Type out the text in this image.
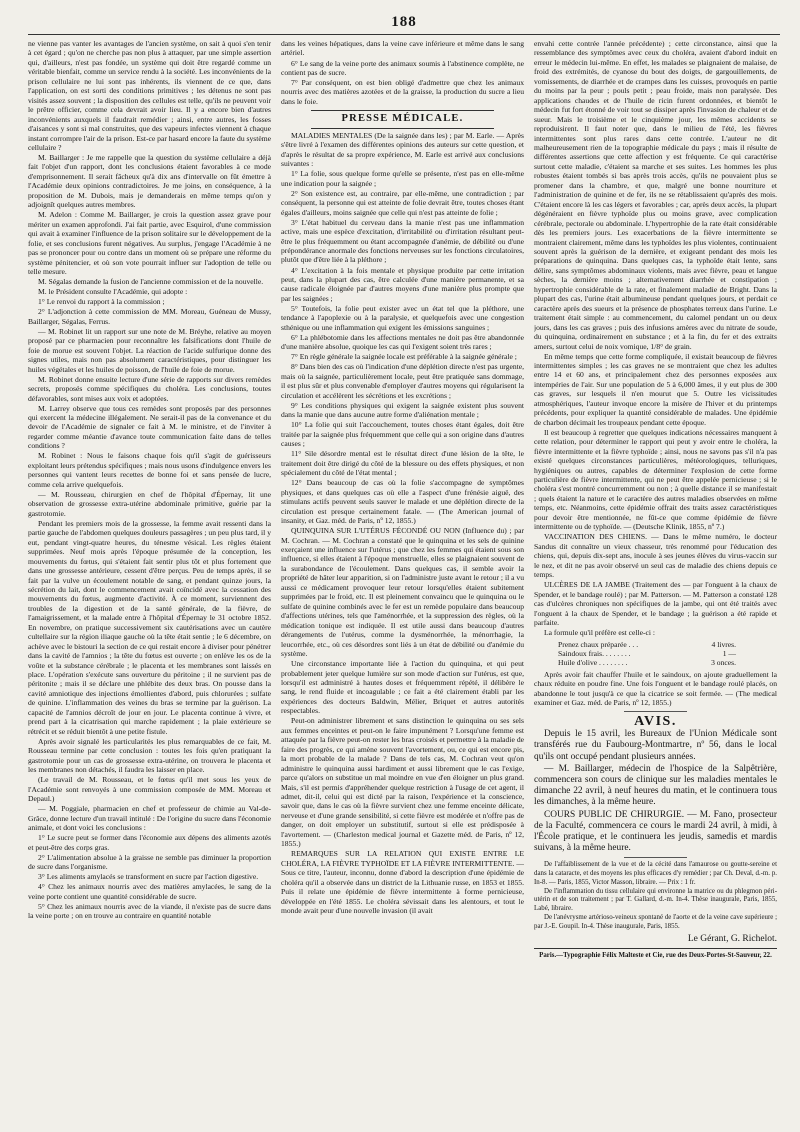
188

ne vienne pas vanter les avantages de l'ancien système, on sait à quoi s'en tenir à cet égard ; qu'on ne cherche pas non plus à attaquer, par une simple assertion qui, d'ailleurs, n'est pas fondée, un système qui doit être regardé comme un véritable bienfait, comme un service rendu à la société. Les inconvénients de la prison cellulaire ne lui sont pas inhérents, ils viennent de ce que, dans l'application, on est sorti des conditions primitives ; les détenus ne sont pas visités assez souvent ; la disposition des cellules est telle, qu'ils ne peuvent voir le prêtre officier, comme cela devrait avoir lieu. Il y a encore bien d'autres inconvénients auxquels il faudrait remédier ; ainsi, entre autres, les fosses d'aisances y sont si mal construites, que des vapeurs infectes viennent à chaque instant corrompre l'air de la prison. Est-ce par hasard encore la faute du système cellulaire ?

M. Baillarger : Je me rappelle que la question du système cellulaire a déjà fait l'objet d'un rapport, dont les conclusions étaient favorables à ce mode d'emprisonnement. Il serait fâcheux qu'à dix ans d'intervalle on fût émettre à l'Académie deux opinions contradictoires. Je me joins, en conséquence, à la proposition de M. Dubois, mais je demanderais en même temps qu'on y adjoignît quelques autres membres.

M. Adelon : Comme M. Baillarger, je crois la question assez grave pour mériter un examen approfondi. J'ai fait partie, avec Esquirol, d'une commission qui avait à examiner l'influence de la prison solitaire sur le développement de la folie, et ses conclusions furent négatives. Au surplus, j'engage l'Académie à ne pas se prononcer pour ou contre dans un moment où se prépare une réforme du système pénitencier, et où son vote pourrait influer sur l'adoption de telle ou telle mesure.

M. Ségalas demande la fusion de l'ancienne commission et de la nouvelle.

M. le Président consulte l'Académie, qui adopte :

1° Le renvoi du rapport à la commission ;

2° L'adjonction à cette commission de MM. Moreau, Guéneau de Mussy, Baillarger, Ségalas, Ferrus.

— M. Robinet lit un rapport sur une note de M. Bréyhe, relative au moyen proposé par ce pharmacien pour reconnaître les falsifications dont l'huile de foie de morue est souvent l'objet. La réaction de l'acide sulfurique donne des signes utiles, mais non pas absolument caractéristiques, pour distinguer les huiles végétales et les huiles de poisson, de l'huile de foie de morue.

M. Robinet donne ensuite lecture d'une série de rapports sur divers remèdes secrets, proposés comme spécifiques du choléra. Les conclusions, toutes défavorables, sont mises aux voix et adoptées.

M. Larrey observe que tous ces remèdes sont proposés par des personnes qui exercent la médecine illégalement. Ne serait-il pas de la convenance et du devoir de l'Académie de signaler ce fait à M. le ministre, et de l'inviter à regarder comme méantie d'avance toute communication faite dans de telles conditions ?

M. Robinet : Nous le faisons chaque fois qu'il s'agit de guérisseurs exploitant leurs prétendus spécifiques ; mais nous usons d'indulgence envers les personnes qui vantent leurs recettes de bonne foi et sans pensée de lucre, comme cela arrive quelquefois.

— M. Rousseau, chirurgien en chef de l'hôpital d'Épernay, lit une observation de grossesse extra-utérine abdominale primitive, guérie par la gastrotomie.

Pendant les premiers mois de la grossesse, la femme avait ressenti dans la partie gauche de l'abdomen quelques douleurs passagères ; un peu plus tard, il y eut, pendant vingt-quatre heures, du ténesme vésical. Les règles étaient supprimées. Neuf mois après l'époque présumée de la conception, les mouvements du fœtus, qui s'étaient fait sentir plus tôt et plus fortement que dans une grossesse antérieure, cessent d'être perçus. Peu de temps après, il se fait par la vulve un écoulement notable de sang, et pendant quinze jours, la sécrétion du lait, dont le commencement avait coïncidé avec la cessation des mouvements du fœtus, augmente d'activité. À ce moment, surviennent des troubles de la digestion et de la santé générale, de la fièvre, de l'amaigrissement, et la malade entre à l'hôpital d'Épernay le 31 octobre 1852. En novembre, on pratique successivement six cautérisations avec un cautère cultellaire sur la région iliaque gauche où la tête était sentie ; le 6 décembre, on achève avec le bistouri la section de ce qui restait encore à diviser pour pénétrer dans la cavité de l'amnios ; la tête du fœtus est ouverte ; on enlève les os de la voûte et la substance cérébrale ; le placenta et les membranes sont laissés en place. L'opération s'exécute sans ouverture du péritoine ; il ne survient pas de péritonite ; mais il se déclare une phlébite des deux bras. On pousse dans la cavité amniotique des injections émollientes d'abord, puis chlorurées ; sulfate de quinine. L'inflammation des veines du bras se termine par la guérison. La capacité de l'amnios décroît de jour en jour. Le placenta continue à vivre, et prend part à la cicatrisation qui marche rapidement ; la plaie extérieure se rétrécit et se réduit bientôt à une petite fistule.

Après avoir signalé les particularités les plus remarquables de ce fait, M. Rousseau termine par cette conclusion : toutes les fois qu'en pratiquant la gastrotomie pour un cas de grossesse extra-utérine, on trouvera le placenta et les membranes non détachés, il faudra les laisser en place.

(Le travail de M. Rousseau, et le fœtus qu'il met sous les yeux de l'Académie sont renvoyés à une commission composée de MM. Moreau et Depaul.)

— M. Poggiale, pharmacien en chef et professeur de chimie au Val-de-Grâce, donne lecture d'un travail intitulé : De l'origine du sucre dans l'économie animale, et dont voici les conclusions :

1° Le sucre peut se former dans l'économie aux dépens des aliments azotés et peut-être des corps gras.

2° L'alimentation absolue à la graisse ne semble pas diminuer la proportion de sucre dans l'organisme.

3° Les aliments amylacés se transforment en sucre par l'action digestive.

4° Chez les animaux nourris avec des matières amylacées, le sang de la veine porte contient une quantité considérable de sucre.

5° Chez les animaux nourris avec de la viande, il n'existe pas de sucre dans la veine porte ; on en trouve au contraire en quantité notable

dans les veines hépatiques, dans la veine cave inférieure et même dans le sang artériel.

6° Le sang de la veine porte des animaux soumis à l'abstinence complète, ne contient pas de sucre.

7° Par conséquent, on est bien obligé d'admettre que chez les animaux nourris avec des matières azotées et de la graisse, la production du sucre a lieu dans le foie.

PRESSE MÉDICALE.

MALADIES MENTALES (De la saignée dans les) ; par M. Earle. — Après s'être livré à l'examen des différentes opinions des auteurs sur cette question, et d'après le résultat de sa propre expérience, M. Earle est arrivé aux conclusions suivantes :

1° La folie, sous quelque forme qu'elle se présente, n'est pas en elle-même une indication pour la saignée ;

2° Son existence est, au contraire, par elle-même, une contradiction ; par conséquent, la personne qui est atteinte de folie devrait être, toutes choses étant égales d'ailleurs, moins saignée que celle qui n'est pas atteinte de folie ;

3° L'état habituel du cerveau dans la manie n'est pas une inflammation active, mais une espèce d'excitation, d'irritabilité ou d'irritation résultant peut-être le plus fréquemment ou étant accompagnée d'anémie, de débilité ou d'une prépondérance anormale des fonctions nerveuses sur les fonctions circulatoires, plutôt que d'être liée à la pléthore ;

4° L'excitation à la fois mentale et physique produite par cette irritation peut, dans la plupart des cas, être calculée d'une manière permanente, et sa cause radicale éloignée par d'autres moyens d'une manière plus prompte que par les saignées ;

5° Toutefois, la folie peut exister avec un état tel que la pléthore, une tendance à l'apoplexie ou à la paralysie, et quelquefois avec une congestion sthénique ou une inflammation qui exigent les émissions sanguines ;

6° La phlébotomie dans les affections mentales ne doit pas être abandonnée d'une manière absolue, quoique les cas qui l'exigent soient très rares ;

7° En règle générale la saignée locale est préférable à la saignée générale ;

8° Dans bien des cas où l'indication d'une déplétion directe n'est pas urgente, mais où la saignée, particulièrement locale, peut être pratiquée sans dommage, il est plus sûr et plus convenable d'employer d'autres moyens qui régularisent la circulation et accélèrent les sécrétions et les excrétions ;

9° Les conditions physiques qui exigent la saignée existent plus souvent dans la manie que dans aucune autre forme d'aliénation mentale ;

10° La folie qui suit l'accouchement, toutes choses étant égales, doit être traitée par la saignée plus fréquemment que celle qui a son origine dans d'autres causes ;

11° Sile désordre mental est le résultat direct d'une lésion de la tête, le traitement doit être dirigé du côté de la blessure ou des effets physiques, et non spécialement du côté de l'état mental ;

12° Dans beaucoup de cas où la folie s'accompagne de symptômes physiques, et dans quelques cas où elle a l'aspect d'une frénésie aiguë, des stimulans actifs peuvent seuls sauver le malade et une déplétion directe de la circulation est presque certainement fatale. — (The American journal of insanity, et Gaz. méd. de Paris, nº 12, 1855.)

QUINQUINA SUR L'UTÉRUS FÉCONDÉ OU NON (Influence du) ; par M. Cochran. — M. Cochran a constaté que le quinquina et les sels de quinine exerçaient une influence sur l'utérus ; que chez les femmes qui étaient sous son influence, si elles étaient à l'époque menstruelle, elles se plaignaient souvent de la surabondance de l'écoulement. Dans quelques cas, il semble avoir la propriété de hâter leur apparition, si on l'administre juste avant le retour ; il a vu aussi ce médicament provoquer leur retour lorsqu'elles étaient subitement supprimées par le froid, etc. Il est pleinement convaincu que le quinquina ou le sulfate de quinine combinés avec le fer est un remède populaire dans beaucoup d'affections utérines, tels que l'aménorrhée, et la suppression des règles, où la médication tonique est indiquée. Il est utile aussi dans beaucoup d'autres dérangements de l'utérus, comme la dysménorrhée, la ménorrhagie, la leucorrhée, etc., où ces désordres sont liés à un état de débilité ou d'anémie du système.

Une circonstance importante liée à l'action du quinquina, et qui peut probablement jeter quelque lumière sur son mode d'action sur l'utérus, est que, lorsqu'il est administré à hautes doses et fréquemment répété, il délibère le sang, le rend fluide et incoagulable ; ce fait a été clairement établi par les expériences des docteurs Baldwin, Mélier, Briquet et autres autorités respectables.

Peut-on administrer librement et sans distinction le quinquina ou ses sels aux femmes enceintes et peut-on le faire impunément ? Lorsqu'une femme est attaquée par la fièvre peut-on rester les bras croisés et permettre à la maladie de faire des progrès, ce qui amène souvent l'avortement, ou, ce qui est encore pis, la mort probable de la malade ? Dans de tels cas, M. Cochran veut qu'on administre le quinquina aussi hardiment et aussi librement que le cas l'exige, parce qu'alors on substitue un mal moindre en vue d'en éloigner un plus grand. Mais, s'il est permis d'appréhender quelque restriction à l'usage de cet agent, il admet, dit-il, celui qui est dicté par la raison, l'expérience et la conscience, savoir que, dans le cas où la fièvre survient chez une femme enceinte délicate, nerveuse et d'une grande sensibilité, si cette fièvre est modérée et n'offre pas de danger, on doit employer un substitutif, surtout si elle est prédisposée à l'avortement. — (Charleston medical journal et Gazette méd. de Paris, nº 12, 1855.)

REMARQUES SUR LA RELATION QUI EXISTE ENTRE LE CHOLÉRA, LA FIÈVRE TYPHOÏDE ET LA FIÈVRE INTERMITTENTE. — Sous ce titre, l'auteur, inconnu, donne d'abord la description d'une épidémie de choléra qu'il a observée dans un district de la Lithuanie russe, en 1853 et 1855. Puis il relate une épidémie de fièvre intermittente à forme pernicieuse, développée en l'été 1855. Le choléra sévissait dans les alentours, et tout le monde avait peur d'une nouvelle invasion (il avait

envahi cette contrée l'année précédente) ; cette circonstance, ainsi que la ressemblance des symptômes avec ceux du choléra, avaient d'abord induit en erreur le médecin lui-même. En effet, les malades se plaignaient de malaise, de froid des extrémités, de cyanose du bout des doigts, de gargouillements, de vomissements, de diarrhée et de crampes dans les cuisses, provoqués en partie du moins par la peur ; pouls petit ; peau froide, mais non paralysée. Des applications chaudes et de l'huile de ricin furent ordonnées, et bientôt le médecin fut fort étonné de voir tout se dissiper après l'invasion de chaleur et de sueur. Mais le troisième et le cinquième jour, les mêmes accidents se reproduisirent. Il faut noter que, dans le milieu de l'été, les fièvres intermittentes sont plus rares dans cette contrée. L'auteur ne dit malheureusement rien de la topographie médicale du pays ; mais il résulte de différentes assertions que cette affection y est fréquente. Ce qui caractérise surtout cette maladie, c'étaient sa marche et ses suites. Les hommes les plus robustes étaient tombés si bas après trois accès, qu'ils ne pouvaient plus se promener dans la chambre, et que, malgré une bonne nourriture et l'administration de quinine et de fer, ils ne se rétablissaient qu'après des mois. C'étaient encore là les cas légers et favorables ; car, après deux accès, la plupart dégénéraient en fièvre typhoïde plus ou moins grave, avec complication cérébrale, pectorale ou abdominale. L'hypertrophie de la rate était considérable dès les premiers jours. Les exacerbations de la fièvre intermittente se montraient clairement, même dans les typhoïdes les plus violentes, continuaient souvent après la guérison de la dernière, et exigeant pendant des mois les préparations de quinquina. Dans quelques cas, la typhoïde était lente, sans délire, sans symptômes abdominaux violents, mais avec fièvre, peau et langue sèches, la dernière moins ; alternativement diarrhée et constipation ; hypertrophie considérable de la rate, et finalement maladie de Bright. Dans la plupart des cas, l'urine était albumineuse pendant quelques jours, et perdait ce caractère après des sueurs et la présence de phosphates terreux dans l'urine. Le traitement était simple : au commencement, du calomel pendant un ou deux jours, dans les cas graves ; puis des infusions amères avec du nitrate de soude, du quinquina, ordinairement en substance ; et à la fin, du fer et des extraits amers, surtout celui de noix vomique, 1/8° de grain.

En même temps que cette forme compliquée, il existait beaucoup de fièvres intermittentes simples ; les cas graves ne se montraient que chez les adultes entre 14 et 60 ans, et principalement chez des personnes exposées aux intempéries de l'air. Sur une population de 5 à 6,000 âmes, il y eut plus de 300 cas graves, sur lesquels il n'en mourut que 5. Outre les vicissitudes atmosphériques, l'auteur invoque encore la misère de l'hiver et du printemps précédents, pour expliquer la quantité considérable de malades. Une épidémie de charbon décimait les troupeaux pendant cette époque.

Il est beaucoup à regretter que quelques indications nécessaires manquent à cette relation, pour déterminer le rapport qui peut y avoir entre le choléra, la fièvre intermittente et la fièvre typhoïde ; ainsi, nous ne savons pas s'il n'a pas existé quelques circonstances particulières, météorologiques, telluriques, hygiéniques ou autres, capables de déterminer l'explosion de cette forme particulière de fièvre intermittente, qui ne peut être appelée pernicieuse ; si le choléra s'est montré concurremment ou non ; à quelle distance il se manifestait ; quels étaient la nature et le caractère des autres maladies observées en même temps, etc. Néanmoins, cette épidémie offrait des traits assez caractéristiques pour devoir être mentionnée, ne fût-ce que comme épidémie de fièvre intermittente ou de typhoïde. — (Deutsche Klinik, 1855, nº 7.)

VACCINATION DES CHIENS. — Dans le même numéro, le docteur Sandus dit connaître un vieux chasseur, très renommé pour l'éducation des chiens, qui, depuis dix-sept ans, inocule à ses jeunes élèves du virus-vaccin sur le nez, et dit ne pas avoir observé un seul cas de maladie des chiens depuis ce temps.

ULCÈRES DE LA JAMBE (Traitement des — par l'onguent à la chaux de Spender, et le bandage roulé) ; par M. Patterson. — M. Patterson a constaté 128 cas d'ulcères chroniques non spécifiques de la jambe, qui ont été traités avec l'onguent à la chaux de Spender, et le bandage ; la guérison a été rapide et parfaite.

La formule qu'il préfère est celle-ci :

Prenez chaux préparée . . .	4 livres.
Saindoux frais. . . . . . . .	1 —
Huile d'olive . . . . . . . .	3 onces.

Après avoir fait chauffer l'huile et le saindoux, on ajoute graduellement la chaux réduite en poudre fine. Une fois l'onguent et le bandage roulé placés, on abandonne le tout jusqu'à ce que la cicatrice se soit fermée. — (The medical examiner et Gaz. méd. de Paris, nº 12, 1855.)

AVIS.

Depuis le 15 avril, les Bureaux de l'Union Médicale sont transférés rue du Faubourg-Montmartre, nº 56, dans le local qu'ils ont occupé pendant plusieurs années.

— M. Baillarger, médecin de l'hospice de la Salpêtrière, commencera son cours de clinique sur les maladies mentales le dimanche 22 avril, à neuf heures du matin, et le continuera tous les dimanches, à la même heure.

COURS PUBLIC DE CHIRURGIE. — M. Fano, prosecteur de la Faculté, commencera ce cours le mardi 24 avril, à midi, à l'École pratique, et le continuera les jeudis, samedis et mardis suivans, à la même heure.

De l'affaiblissement de la vue et de la cécité dans l'amaurose ou goutte-sereine et dans la cataracte, et des moyens les plus efficaces d'y remédier ; par Ch. Deval, d.-m. p. In-8. — Paris, 1855, Victor Masson, libraire. — Prix : 1 fr.

De l'inflammation du tissu cellulaire qui environne la matrice ou du phlegmon péri-utérin et de son traitement ; par T. Gallard, d.-m. In-4. Thèse inaugurale, Paris, 1855, Labé, libraire.

De l'anévrysme artérioso-veineux spontané de l'aorte et de la veine cave supérieure ; par J.-E. Goupil. In-4. Thèse inaugurale, Paris, 1855.

Le Gérant, G. Richelot.
Paris.—Typographie Félix Malteste et Cie, rue des Deux-Portes-St-Sauveur, 22.
